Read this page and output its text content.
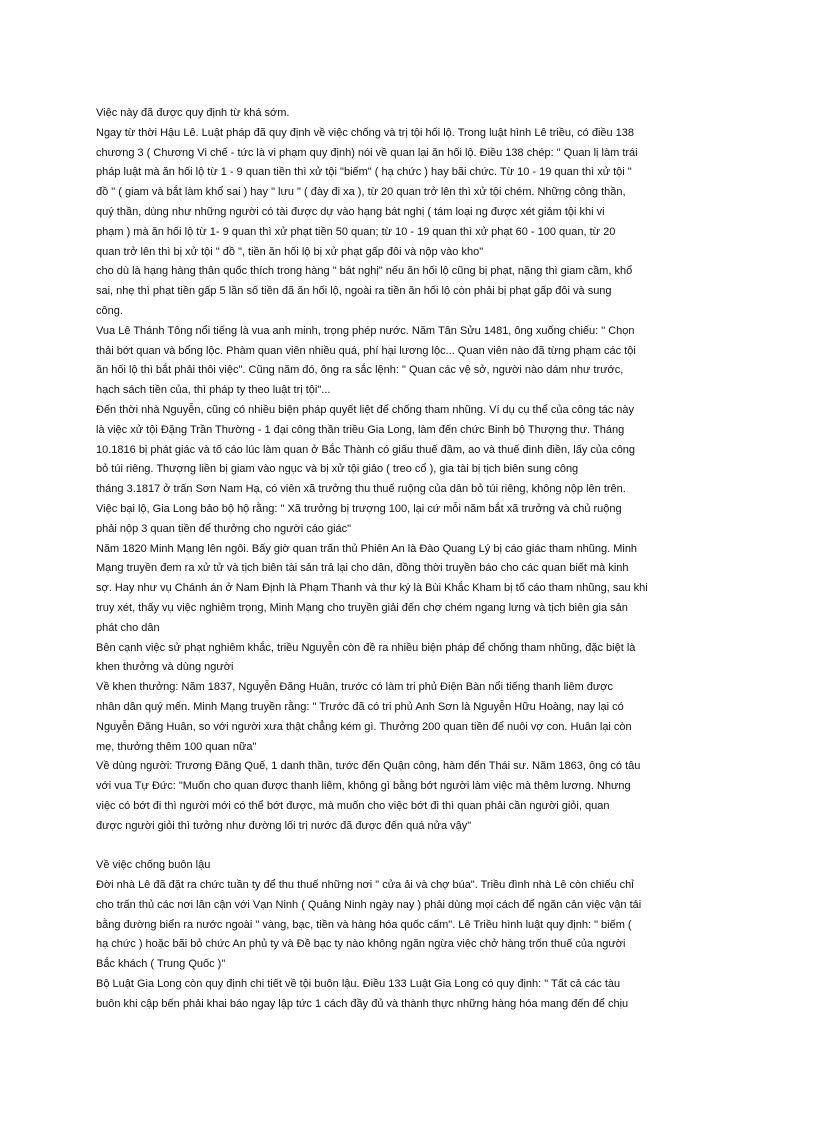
Việc này đã được quy định từ khá sớm.
Ngay từ thời Hậu Lê. Luật pháp đã quy định về việc chống và trị tội hối lộ. Trong luật hình Lê triều, có điều 138
chương 3 ( Chương Vi chế - tức là vi phạm quy định) nói về quan lại ăn hối lộ. Điều 138 chép: " Quan lị làm trái
pháp luật mà ăn hối lộ từ 1 - 9 quan tiền thì xử tội "biếm" ( hạ chức ) hay bãi chức. Từ 10 - 19 quan thì xử tội "
đồ " ( giam và bắt làm khổ sai ) hay " lưu " ( đày đi xa ), từ 20 quan trở lên thì xử tội chém. Những công thần,
quý thần, dùng như những người có tài được dự vào hạng bát nghị ( tám loại ng được xét giảm tội khi vi
phạm ) mà ăn hối lộ từ 1- 9 quan thì xử phạt tiền 50 quan; từ 10 - 19 quan thì xử phạt 60 - 100 quan, từ 20
quan trở lên thì bị xử tội " đồ ", tiền ăn hối lộ bị xử phạt gấp đôi và nộp vào kho"
cho dù là hạng hàng thân quốc thích trong hàng " bát nghị" nếu ăn hối lộ cũng bị phạt, nặng thì giam cầm, khổ
sai, nhẹ thì phạt tiền gấp 5 lần số tiền đã ăn hối lộ, ngoài ra tiền ăn hối lộ còn phải bị phạt gấp đôi và sung
công.
Vua Lê Thánh Tông nổi tiếng là vua anh minh, trọng phép nước. Năm Tân Sửu 1481, ông xuống chiếu: " Chọn
thải bớt quan và bổng lộc. Phàm quan viên nhiều quá, phí hại lương lộc... Quan viên nào đã từng phạm các tội
ăn hối lộ thì bắt phải thôi việc". Cũng năm đó, ông ra sắc lệnh: " Quan các vệ sở, người nào dám như trước,
hạch sách tiền của, thì pháp ty theo luật trị tội"...
Đến thời nhà Nguyễn, cũng có nhiều biện pháp quyết liệt để chống tham nhũng. Ví dụ cụ thể của công tác này
là việc xử tội Đặng Trần Thường - 1 đại công thần triều Gia Long, làm đến chức Binh bộ Thượng thư. Tháng
10.1816 bị phát giác và tố cáo lúc làm quan ở Bắc Thành có giấu thuế đầm, ao và thuế đinh điền, lấy của công
bỏ túi riêng. Thượng liền bị giam vào ngục và bị xử tội giảo ( treo cổ ), gia tài bị tịch biên sung công
tháng 3.1817 ở trấn Sơn Nam Hạ, có viên xã trưởng thu thuế ruộng của dân bỏ túi riêng, không nộp lên trên.
Việc bại lộ, Gia Long bảo bộ hộ rằng: " Xã trưởng bị trượng 100, lại cứ mỗi năm bắt xã trưởng và chủ ruộng
phải nộp 3 quan tiền để thưởng cho người cáo giác"
Năm 1820 Minh Mạng lên ngôi. Bấy giờ quan trấn thủ Phiên An là Đào Quang Lý bị cáo giác tham nhũng. Minh
Mạng truyền đem ra xử tử và tịch biên tài sản trả lại cho dân, đồng thời truyền báo cho các quan biết mà kinh
sợ. Hay như vụ Chánh án ở Nam Định là Phạm Thanh và thư ký là Bùi Khắc Kham bị tố cáo tham nhũng, sau khi
truy xét, thấy vụ việc nghiêm trọng, Minh Mạng cho truyền giải đến chợ chém ngang lưng và tịch biên gia sản
phát cho dân
Bên cạnh việc sử phạt nghiêm khắc, triều Nguyễn còn đề ra nhiều biện pháp để chống tham nhũng, đặc biệt là
khen thưởng và dùng người
Về khen thưởng: Năm 1837, Nguyễn Đăng Huân, trước có làm tri phủ Điện Bàn nổi tiếng thanh liêm được
nhân dân quý mến. Minh Mạng truyền rằng: " Trước đã có tri phủ Anh Sơn là Nguyễn Hữu Hoàng, nay lại có
Nguyễn Đăng Huân, so với người xưa thật chẳng kém gì. Thưởng 200 quan tiền để nuôi vợ con. Huân lại còn
mẹ, thưởng thêm 100 quan nữa"
Về dùng người: Trương Đăng Quế, 1 danh thần, tước đến Quận công, hàm đến Thái sư. Năm 1863, ông có tâu
với vua Tự Đức: "Muốn cho quan được thanh liêm, không gì bằng bớt người làm việc mà thêm lương. Nhưng
việc có bớt đi thì người mới có thể bớt được, mà muốn cho việc bớt đi thì quan phải cần người giỏi, quan
được người giỏi thì tưởng như đường lối trị nước đã được đến quá nửa vậy"
Về việc chống buôn lậu
Đời nhà Lê đã đặt ra chức tuần ty để thu thuế những nơi " cửa ải và chợ búa". Triều đình nhà Lê còn chiếu chỉ
cho trấn thủ các nơi lân cận với Vạn Ninh ( Quảng Ninh ngày nay ) phải dùng mọi cách để ngăn cản việc vận tải
bằng đường biển ra nước ngoài " vàng, bạc, tiền và hàng hóa quốc cấm". Lê Triều hình luật quy định: " biếm (
hạ chức ) hoặc bãi bỏ chức An phủ ty và Đề bạc ty nào không ngăn ngừa việc chở hàng trốn thuế của người
Bắc khách ( Trung Quốc )"
Bộ Luật Gia Long còn quy định chi tiết về tội buôn lậu. Điều 133 Luật Gia Long có quy định: " Tất cả các tàu
buôn khi cập bến phải khai báo ngay lập tức 1 cách đầy đủ và thành thực những hàng hóa mang đến để chịu
